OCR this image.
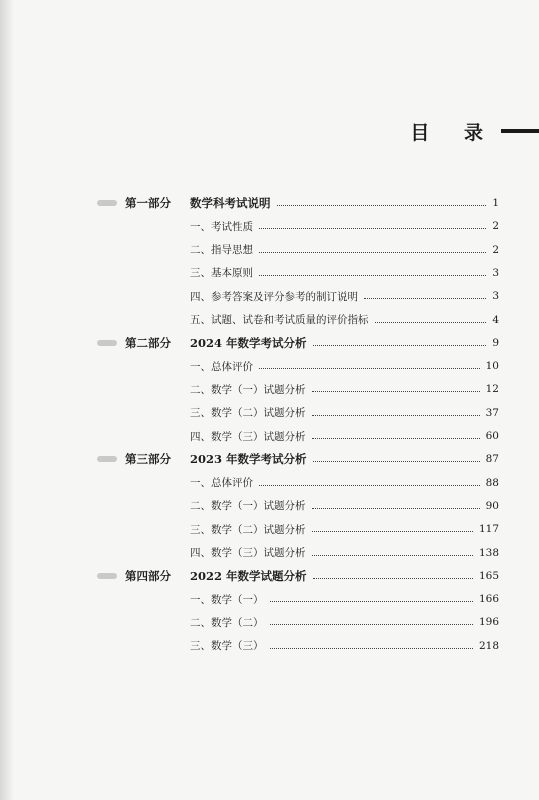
目 录
第一部分 数学科考试说明	1
一、考试性质	2
二、指导思想	2
三、基本原则	3
四、参考答案及评分参考的制订说明	3
五、试题、试卷和考试质量的评价指标	4
第二部分 2024 年数学考试分析	9
一、总体评价	10
二、数学（一）试题分析	12
三、数学（二）试题分析	37
四、数学（三）试题分析	60
第三部分 2023 年数学考试分析	87
一、总体评价	88
二、数学（一）试题分析	90
三、数学（二）试题分析	117
四、数学（三）试题分析	138
第四部分 2022 年数学试题分析	165
一、数学（一）	166
二、数学（二）	196
三、数学（三）	218
